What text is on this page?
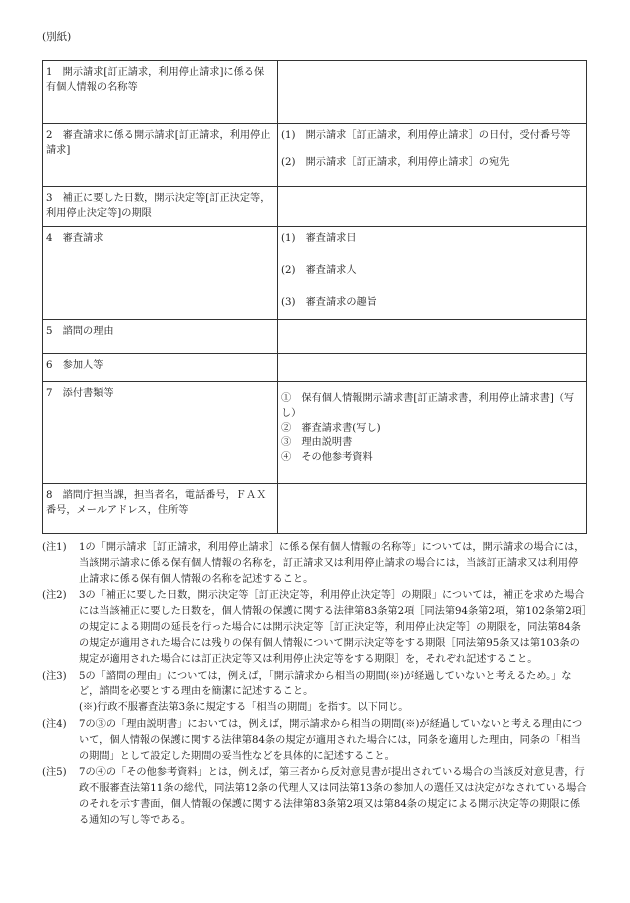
(別紙)
1　開示請求[訂正請求，利用停止請求]に係る保有個人情報の名称等	
2　審査請求に係る開示請求[訂正請求，利用停止請求]	(1)　開示請求［訂正請求，利用停止請求］の日付，受付番号等
(2)　開示請求［訂正請求，利用停止請求］の宛先

3　補正に要した日数，開示決定等[訂正決定等，利用停止決定等]の期限	
4　審査請求	(1)　審査請求日
(2)　審査請求人
(3)　審査請求の趣旨

5　諮問の理由	
6　参加人等	
7　添付書類等	①　保有個人情報開示請求書[訂正請求書，利用停止請求書]（写し）
②　審査請求書(写し)
③　理由説明書
④　その他参考資料

8　諮問庁担当課，担当者名，電話番号，ＦＡＸ番号，メールアドレス，住所等	
(注1)	1の「開示請求［訂正請求，利用停止請求］に係る保有個人情報の名称等」については，開示請求の場合には，当該開示請求に係る保有個人情報の名称を，訂正請求又は利用停止請求の場合には，当該訂正請求又は利用停止請求に係る保有個人情報の名称を記述すること。
(注2)	3の「補正に要した日数，開示決定等［訂正決定等，利用停止決定等］の期限」については，補正を求めた場合には当該補正に要した日数を，個人情報の保護に関する法律第83条第2項［同法第94条第2項，第102条第2項］の規定による期間の延長を行った場合には開示決定等［訂正決定等，利用停止決定等］の期限を，同法第84条の規定が適用された場合には残りの保有個人情報について開示決定等をする期限［同法第95条又は第103条の規定が適用された場合には訂正決定等又は利用停止決定等をする期限］を，それぞれ記述すること。
(注3)	5の「諮問の理由」については，例えば，「開示請求から相当の期間(※)が経過していないと考えるため。」など，諮問を必要とする理由を簡潔に記述すること。
(※)行政不服審査法第3条に規定する「相当の期間」を指す。以下同じ。
(注4)	7の③の「理由説明書」においては，例えば，開示請求から相当の期間(※)が経過していないと考える理由について，個人情報の保護に関する法律第84条の規定が適用された場合には，同条を適用した理由，同条の「相当の期間」として設定した期間の妥当性などを具体的に記述すること。
(注5)	7の④の「その他参考資料」とは，例えば，第三者から反対意見書が提出されている場合の当該反対意見書，行政不服審査法第11条の総代，同法第12条の代理人又は同法第13条の参加人の選任又は決定がなされている場合のそれを示す書面，個人情報の保護に関する法律第83条第2項又は第84条の規定による開示決定等の期限に係る通知の写し等である。
